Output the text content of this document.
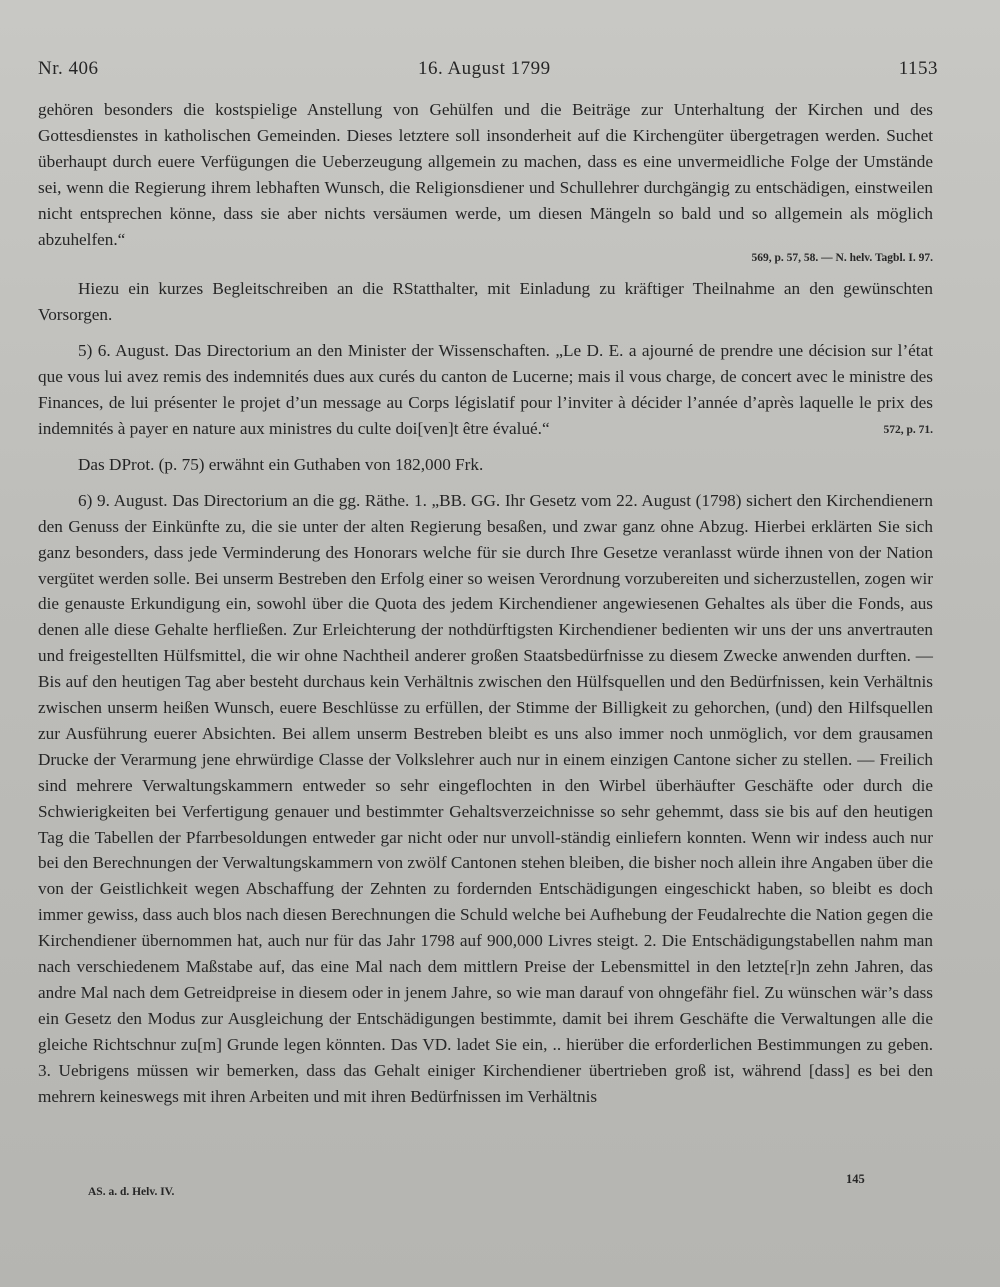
Nr. 406	16. August 1799	1153

gehören besonders die kostspielige Anstellung von Gehülfen und die Beiträge zur Unterhaltung der Kirchen und des Gottesdienstes in katholischen Gemeinden. Dieses letztere soll insonderheit auf die Kirchengüter übergetragen werden. Suchet überhaupt durch euere Verfügungen die Ueberzeugung allgemein zu machen, dass es eine unvermeidliche Folge der Umstände sei, wenn die Regierung ihrem lebhaften Wunsch, die Religionsdiener und Schullehrer durchgängig zu entschädigen, einstweilen nicht entsprechen könne, dass sie aber nichts versäumen werde, um diesen Mängeln so bald und so allgemein als möglich abzuhelfen.“

569, p. 57, 58. — N. helv. Tagbl. I. 97.

Hiezu ein kurzes Begleitschreiben an die RStatthalter, mit Einladung zu kräftiger Theilnahme an den gewünschten Vorsorgen.

5) 6. August. Das Directorium an den Minister der Wissenschaften. „Le D. E. a ajourné de prendre une décision sur l’état que vous lui avez remis des indemnités dues aux curés du canton de Lucerne; mais il vous charge, de concert avec le ministre des Finances, de lui présenter le projet d’un message au Corps législatif pour l’inviter à décider l’année d’après laquelle le prix des indemnités à payer en nature aux ministres du culte doi[ven]t être évalué.“	572, p. 71.

Das DProt. (p. 75) erwähnt ein Guthaben von 182,000 Frk.

6) 9. August. Das Directorium an die gg. Räthe. 1. „BB. GG. Ihr Gesetz vom 22. August (1798) sichert den Kirchendienern den Genuss der Einkünfte zu, die sie unter der alten Regierung besaßen, und zwar ganz ohne Abzug. Hierbei erklärten Sie sich ganz besonders, dass jede Verminderung des Honorars welche für sie durch Ihre Gesetze veranlasst würde ihnen von der Nation vergütet werden solle. Bei unserm Bestreben den Erfolg einer so weisen Verordnung vorzubereiten und sicherzustellen, zogen wir die genauste Erkundigung ein, sowohl über die Quota des jedem Kirchendiener angewiesenen Gehaltes als über die Fonds, aus denen alle diese Gehalte herfließen. Zur Erleichterung der nothdürftigsten Kirchendiener bedienten wir uns der uns anvertrauten und freigestellten Hülfsmittel, die wir ohne Nachtheil anderer großen Staatsbedürfnisse zu diesem Zwecke anwenden durften. — Bis auf den heutigen Tag aber besteht durchaus kein Verhältnis zwischen den Hülfsquellen und den Bedürfnissen, kein Verhältnis zwischen unserm heißen Wunsch, euere Beschlüsse zu erfüllen, der Stimme der Billigkeit zu gehorchen, (und) den Hilfsquellen zur Ausführung euerer Absichten. Bei allem unserm Bestreben bleibt es uns also immer noch unmöglich, vor dem grausamen Drucke der Verarmung jene ehrwürdige Classe der Volkslehrer auch nur in einem einzigen Cantone sicher zu stellen. — Freilich sind mehrere Verwaltungskammern entweder so sehr eingeflochten in den Wirbel überhäufter Geschäfte oder durch die Schwierigkeiten bei Verfertigung genauer und bestimmter Gehaltsverzeichnisse so sehr gehemmt, dass sie bis auf den heutigen Tag die Tabellen der Pfarrbesoldungen entweder gar nicht oder nur unvoll-ständig einliefern konnten. Wenn wir indess auch nur bei den Berechnungen der Verwaltungskammern von zwölf Cantonen stehen bleiben, die bisher noch allein ihre Angaben über die von der Geistlichkeit wegen Abschaffung der Zehnten zu fordernden Entschädigungen eingeschickt haben, so bleibt es doch immer gewiss, dass auch blos nach diesen Berechnungen die Schuld welche bei Aufhebung der Feudalrechte die Nation gegen die Kirchendiener übernommen hat, auch nur für das Jahr 1798 auf 900,000 Livres steigt. 2. Die Entschädigungstabellen nahm man nach verschiedenem Maßstabe auf, das eine Mal nach dem mittlern Preise der Lebensmittel in den letzte[r]n zehn Jahren, das andre Mal nach dem Getreidpreise in diesem oder in jenem Jahre, so wie man darauf von ohngefähr fiel. Zu wünschen wär’s dass ein Gesetz den Modus zur Ausgleichung der Entschädigungen bestimmte, damit bei ihrem Geschäfte die Verwaltungen alle die gleiche Richtschnur zu[m] Grunde legen könnten. Das VD. ladet Sie ein, .. hierüber die erforderlichen Bestimmungen zu geben. 3. Uebrigens müssen wir bemerken, dass das Gehalt einiger Kirchendiener übertrieben groß ist, während [dass] es bei den mehrern keineswegs mit ihren Arbeiten und mit ihren Bedürfnissen im Verhältnis

145
AS. a. d. Helv. IV.
